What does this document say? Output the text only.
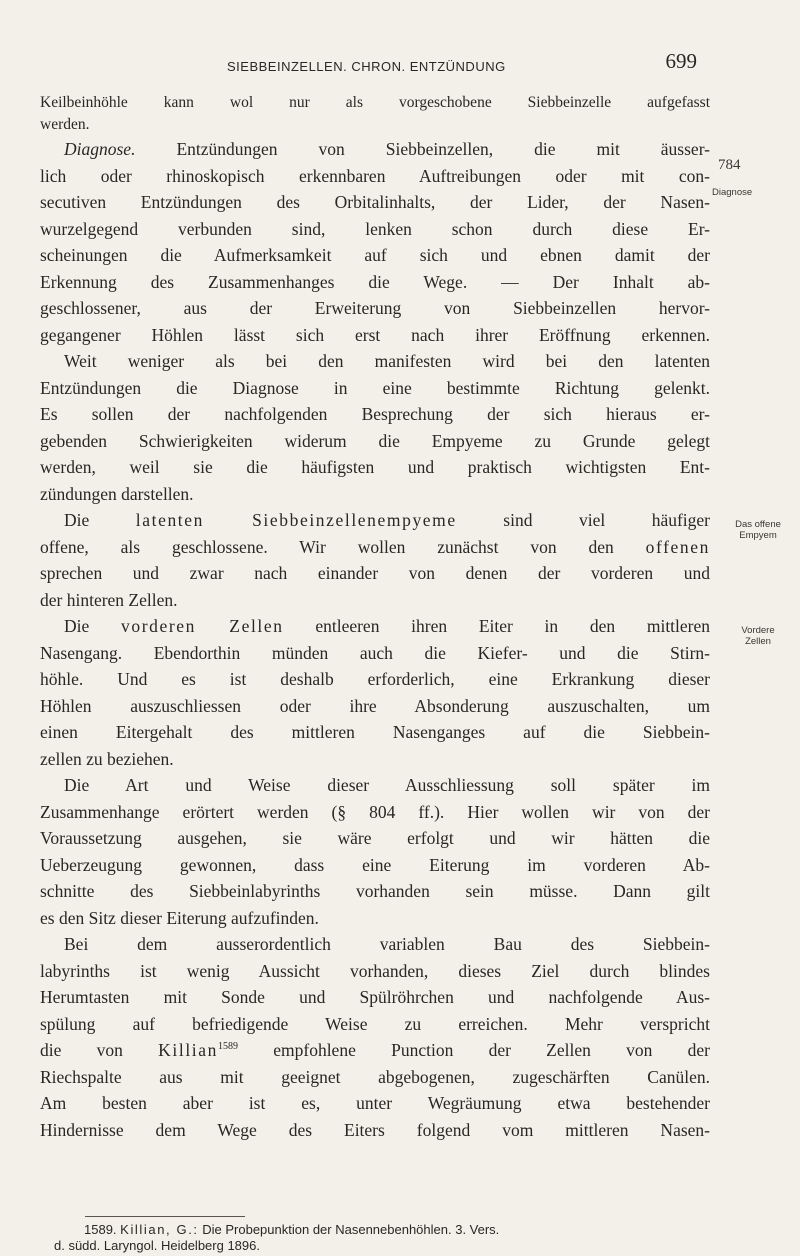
SIEBBEINZELLEN. CHRON. ENTZÜNDUNG	699
Keilbeinhöhle kann wol nur als vorgeschobene Siebbeinzelle aufgefasst
werden.
Diagnose. Entzündungen von Siebbeinzellen, die mit äusser-
lich oder rhinoskopisch erkennbaren Auftreibungen oder mit con-
secutiven Entzündungen des Orbitalinhalts, der Lider, der Nasen-
wurzelgegend verbunden sind, lenken schon durch diese Er-
scheinungen die Aufmerksamkeit auf sich und ebnen damit der
Erkennung des Zusammenhanges die Wege. — Der Inhalt ab-
geschlossener, aus der Erweiterung von Siebbeinzellen hervor-
gegangener Höhlen lässt sich erst nach ihrer Eröffnung erkennen.
Weit weniger als bei den manifesten wird bei den latenten
Entzündungen die Diagnose in eine bestimmte Richtung gelenkt.
Es sollen der nachfolgenden Besprechung der sich hieraus er-
gebenden Schwierigkeiten widerum die Empyeme zu Grunde gelegt
werden, weil sie die häufigsten und praktisch wichtigsten Ent-
zündungen darstellen.
Die	latenten Siebbeinzellenempyeme	sind viel häufiger
offene, als geschlossene. Wir wollen zunächst von den offenen
sprechen und zwar nach einander von denen der vorderen und
der hinteren Zellen.
Die vorderen Zellen entleeren ihren Eiter in den mittleren
Nasengang. Ebendorthin münden auch die Kiefer- und die Stirn-
höhle. Und es ist deshalb erforderlich, eine Erkrankung dieser
Höhlen auszuschliessen oder ihre Absonderung auszuschalten, um
einen Eitergehalt des mittleren Nasenganges auf die Siebbein-
zellen zu beziehen.
Die Art und Weise dieser Ausschliessung soll später im
Zusammenhange erörtert werden (§ 804 ff.). Hier wollen wir von der
Voraussetzung ausgehen, sie wäre erfolgt und wir hätten die
Ueberzeugung gewonnen, dass eine Eiterung im vorderen Ab-
schnitte des Siebbeinlabyrinths vorhanden sein müsse. Dann gilt
es den Sitz dieser Eiterung aufzufinden.
Bei dem ausserordentlich variablen Bau des Siebbein-
labyrinths ist wenig Aussicht vorhanden, dieses Ziel durch blindes
Herumtasten mit Sonde und Spülröhrchen und nachfolgende Aus-
spülung auf befriedigende Weise zu erreichen. Mehr verspricht
die von Killian$^{1589}$ empfohlene Punction der Zellen von der
Riechspalte aus mit geeignet abgebogenen, zugeschärften Canülen.
Am besten aber ist es, unter Wegräumung etwa bestehender
Hindernisse dem Wege des Eiters folgend vom mittleren Nasen-
784
Diagnose
Das offene
Empyem
Vordere
Zellen
1589. Killian, G.: Die Probepunktion der Nasennebenhöhlen. 3. Vers.
d. südd. Laryngol. Heidelberg 1896.
